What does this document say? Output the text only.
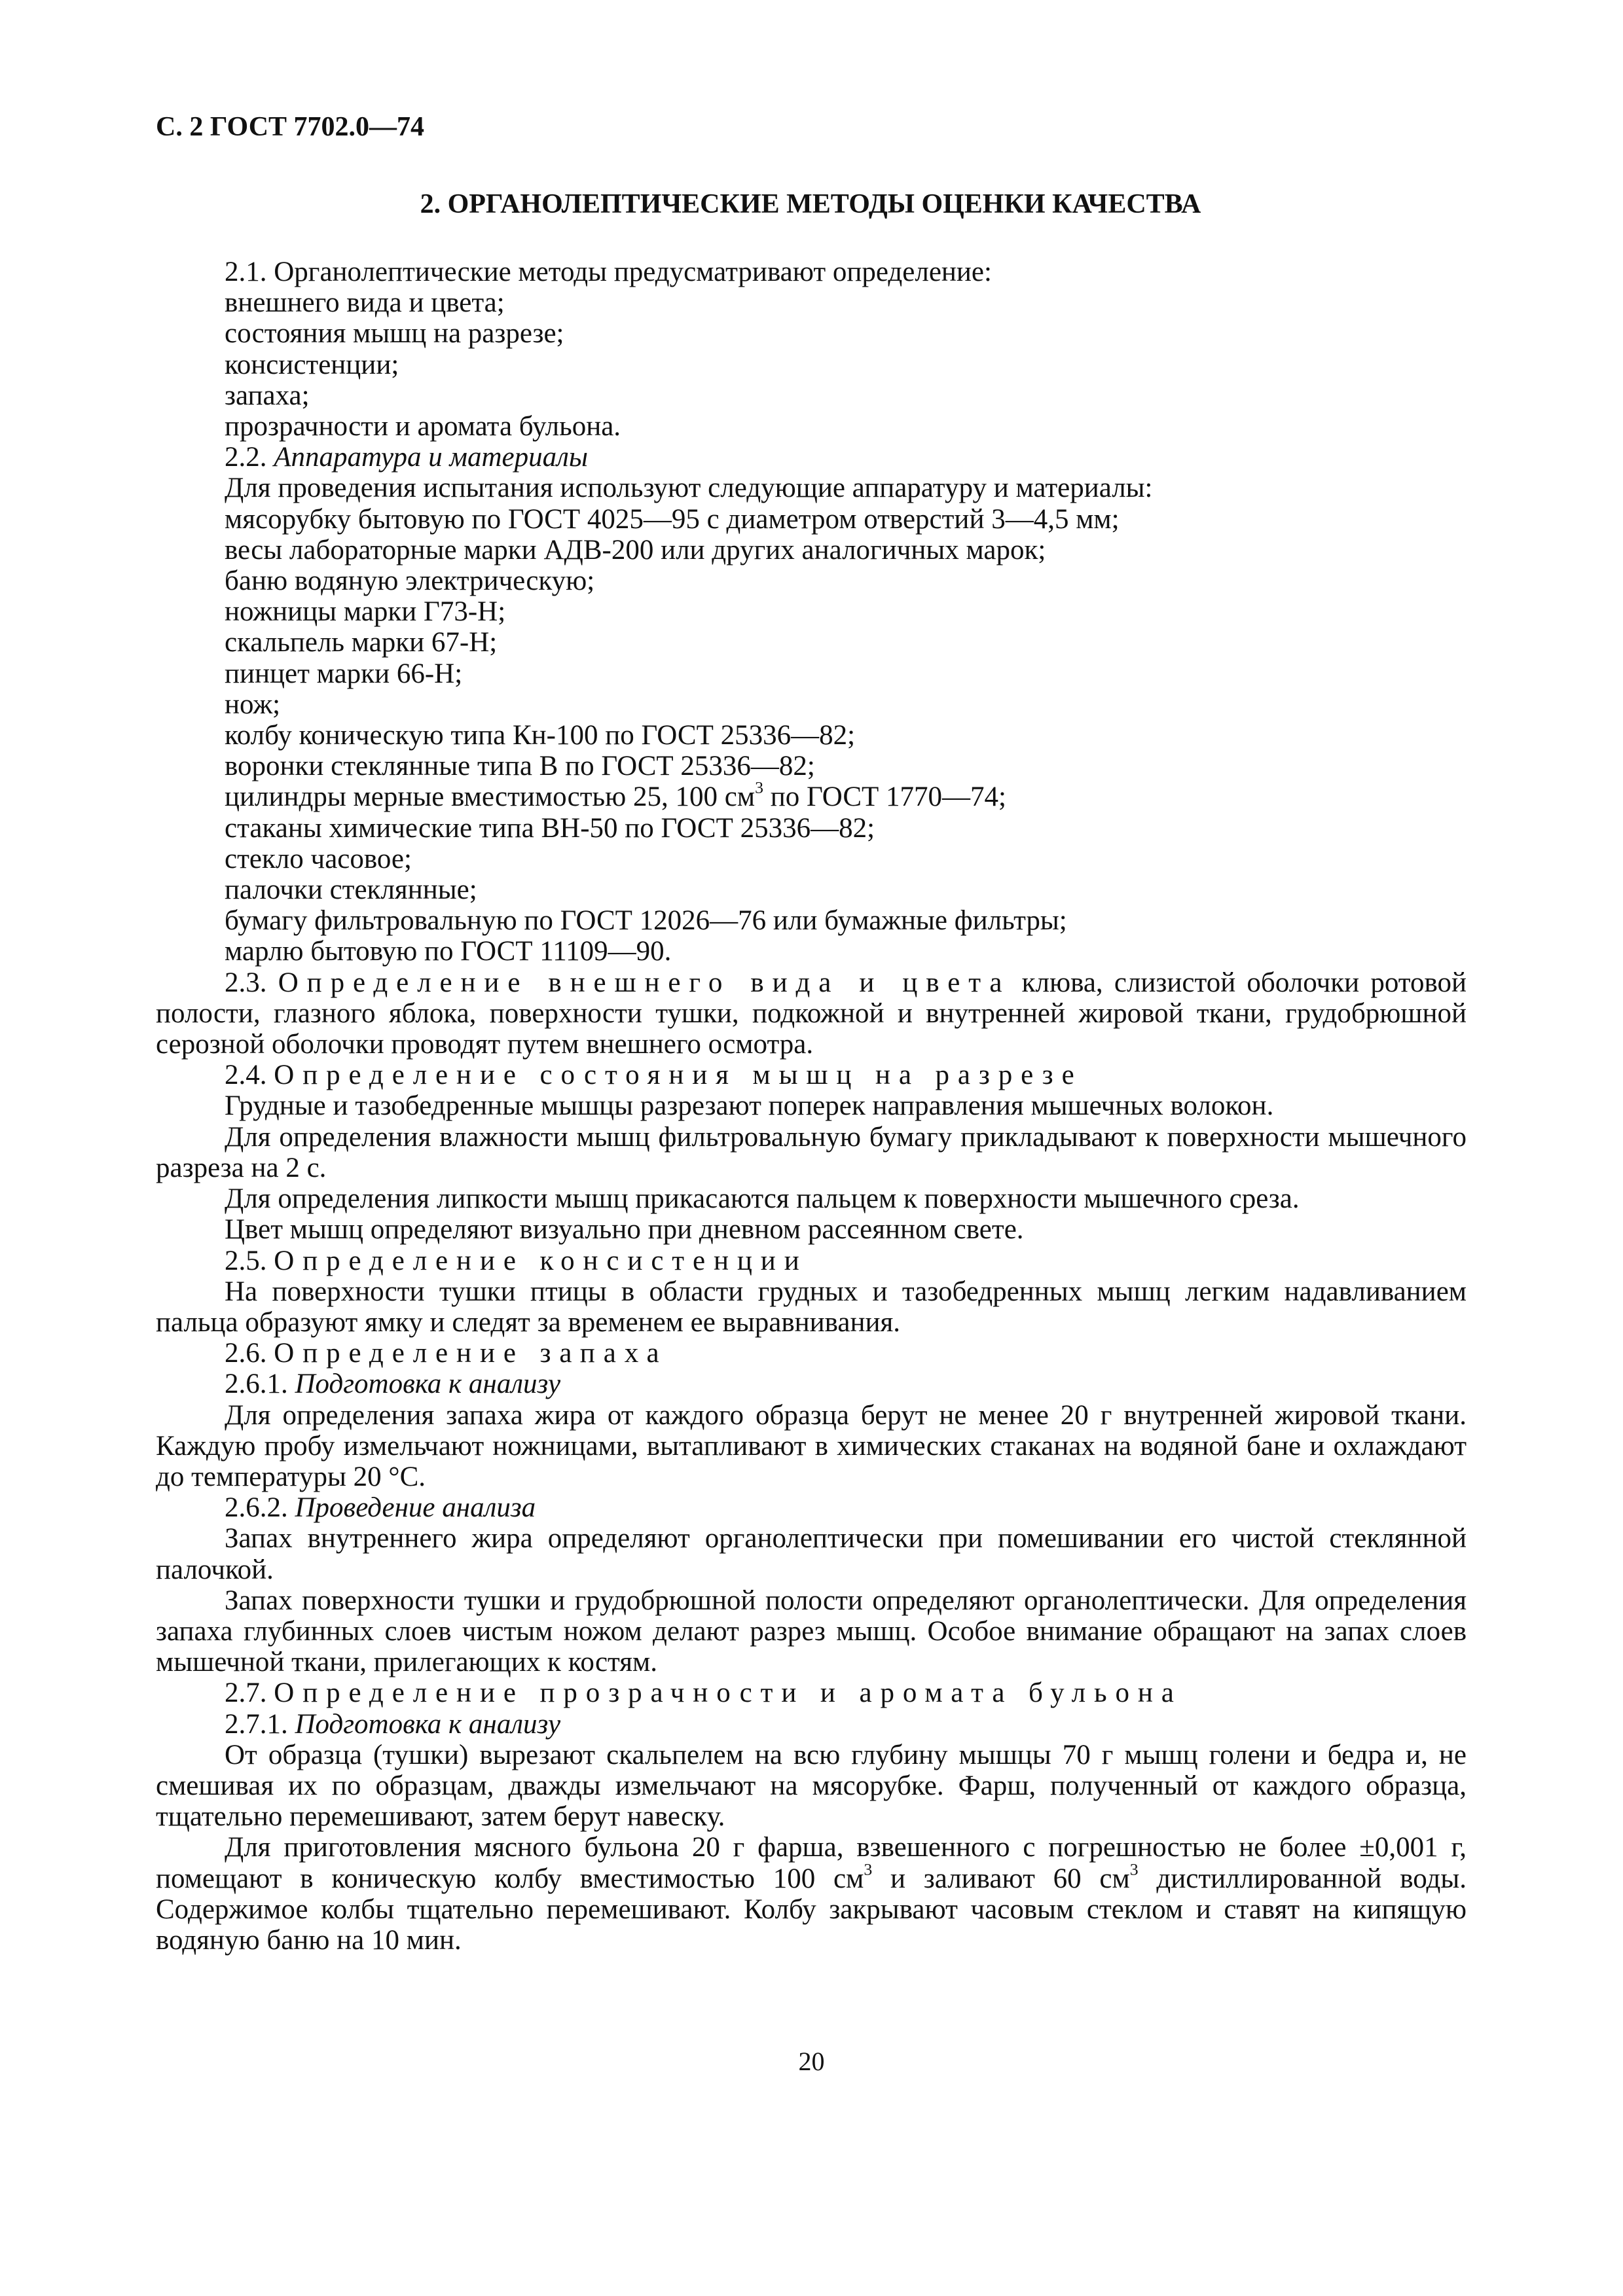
С. 2 ГОСТ 7702.0—74

2. ОРГАНОЛЕПТИЧЕСКИЕ МЕТОДЫ ОЦЕНКИ КАЧЕСТВА

2.1. Органолептические методы предусматривают определение:

внешнего вида и цвета;

состояния мышц на разрезе;

консистенции;

запаха;

прозрачности и аромата бульона.

2.2. Аппаратура и материалы

Для проведения испытания используют следующие аппаратуру и материалы:

мясорубку бытовую по ГОСТ 4025—95 с диаметром отверстий 3—4,5 мм;

весы лабораторные марки АДВ-200 или других аналогичных марок;

баню водяную электрическую;

ножницы марки Г73-Н;

скальпель марки 67-Н;

пинцет марки 66-Н;

нож;

колбу коническую типа Кн-100 по ГОСТ 25336—82;

воронки стеклянные типа В по ГОСТ 25336—82;

цилиндры мерные вместимостью 25, 100 $см^3$ по ГОСТ 1770—74;

стаканы химические типа ВН-50 по ГОСТ 25336—82;

стекло часовое;

палочки стеклянные;

бумагу фильтровальную по ГОСТ 12026—76 или бумажные фильтры;

марлю бытовую по ГОСТ 11109—90.

2.3. Определение внешнего вида и цвета клюва, слизистой оболочки ротовой полости, глазного яблока, поверхности тушки, подкожной и внутренней жировой ткани, грудобрюшной серозной оболочки проводят путем внешнего осмотра.

2.4. Определение состояния мышц на разрезе

Грудные и тазобедренные мышцы разрезают поперек направления мышечных волокон.

Для определения влажности мышц фильтровальную бумагу прикладывают к поверхности мышечного разреза на 2 с.

Для определения липкости мышц прикасаются пальцем к поверхности мышечного среза.

Цвет мышц определяют визуально при дневном рассеянном свете.

2.5. Определение консистенции

На поверхности тушки птицы в области грудных и тазобедренных мышц легким надавливанием пальца образуют ямку и следят за временем ее выравнивания.

2.6. Определение запаха

2.6.1. Подготовка к анализу

Для определения запаха жира от каждого образца берут не менее 20 г внутренней жировой ткани. Каждую пробу измельчают ножницами, вытапливают в химических стаканах на водяной бане и охлаждают до температуры 20 °С.

2.6.2. Проведение анализа

Запах внутреннего жира определяют органолептически при помешивании его чистой стеклянной палочкой.

Запах поверхности тушки и грудобрюшной полости определяют органолептически. Для определения запаха глубинных слоев чистым ножом делают разрез мышц. Особое внимание обращают на запах слоев мышечной ткани, прилегающих к костям.

2.7. Определение прозрачности и аромата бульона

2.7.1. Подготовка к анализу

От образца (тушки) вырезают скальпелем на всю глубину мышцы 70 г мышц голени и бедра и, не смешивая их по образцам, дважды измельчают на мясорубке. Фарш, полученный от каждого образца, тщательно перемешивают, затем берут навеску.

Для приготовления мясного бульона 20 г фарша, взвешенного с погрешностью не более ±0,001 г, помещают в коническую колбу вместимостью 100 $см^3$ и заливают 60 $см^3$ дистиллированной воды. Содержимое колбы тщательно перемешивают. Колбу закрывают часовым стеклом и ставят на кипящую водяную баню на 10 мин.

20
